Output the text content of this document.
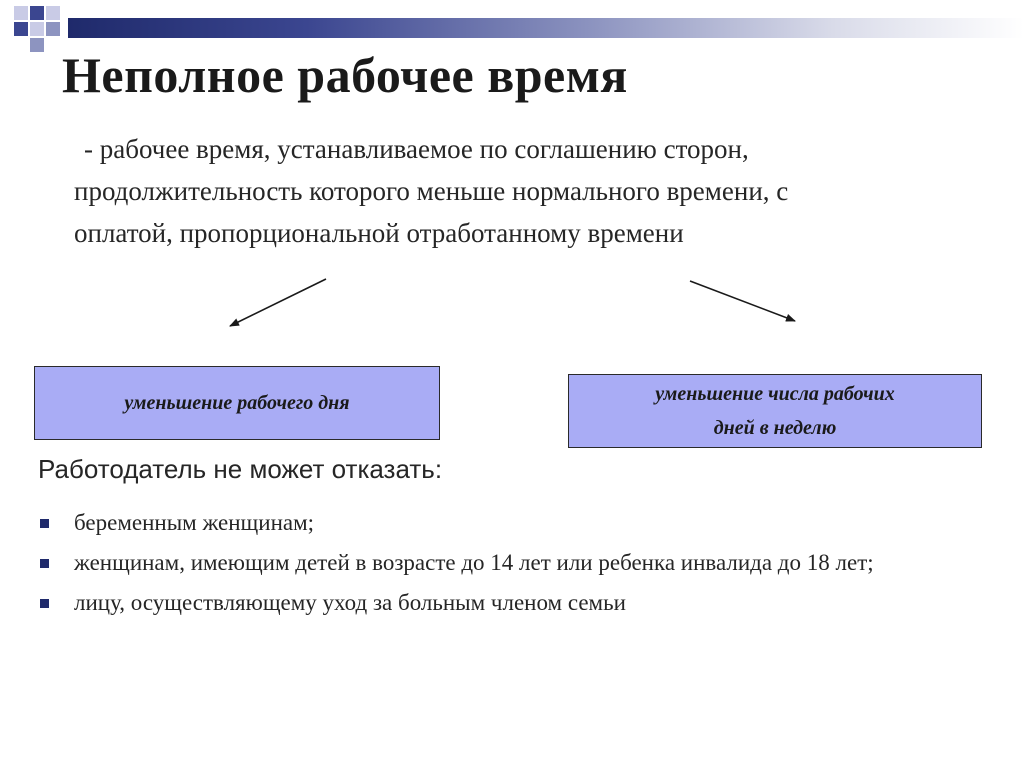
Неполное рабочее время
- рабочее время, устанавливаемое по соглашению сторон,
продолжительность которого меньше нормального времени, с
оплатой, пропорциональной отработанному времени
уменьшение рабочего дня	уменьшение числа рабочих
дней в неделю
Работодатель не может отказать:
беременным женщинам;
женщинам, имеющим детей в возрасте до 14 лет или ребенка инвалида до 18 лет;
лицу, осуществляющему уход за больным членом семьи
